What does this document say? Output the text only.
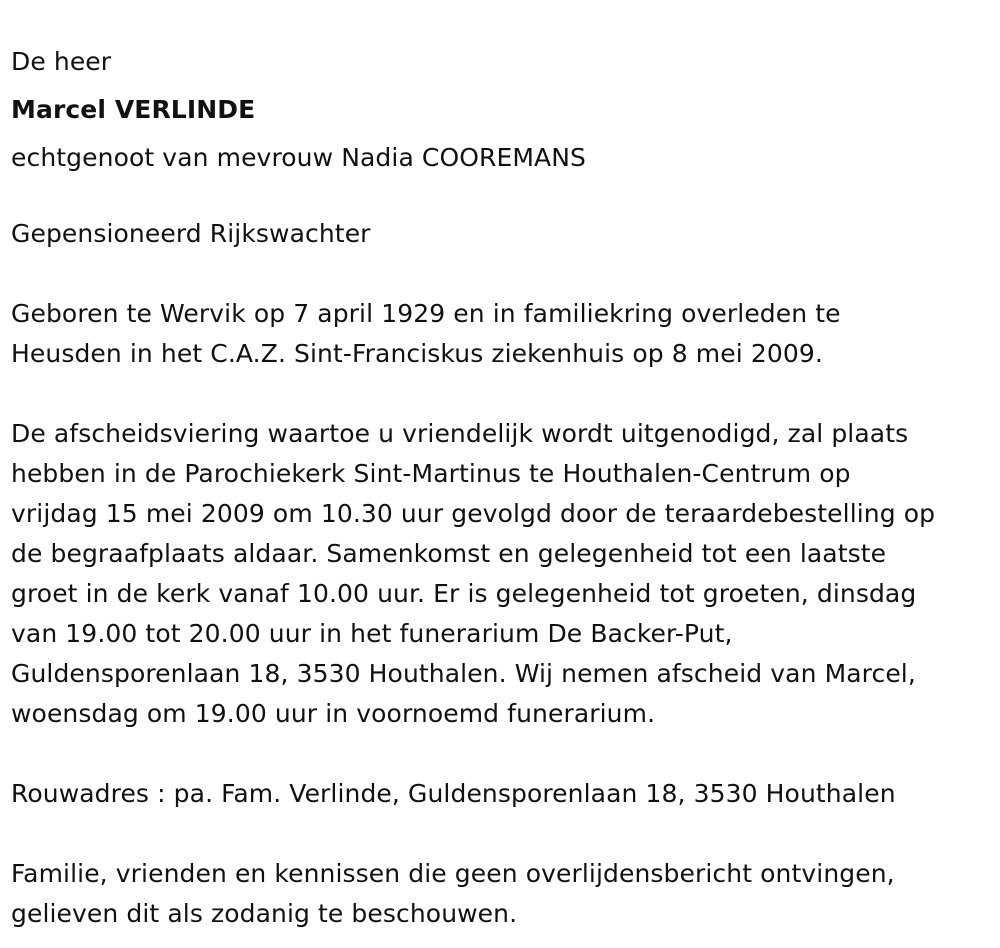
De heer
Marcel VERLINDE
echtgenoot van mevrouw Nadia COOREMANS
Gepensioneerd Rijkswachter
Geboren te Wervik op 7 april 1929 en in familiekring overleden te
Heusden in het C.A.Z. Sint-Franciskus ziekenhuis op 8 mei 2009.
De afscheidsviering waartoe u vriendelijk wordt uitgenodigd, zal plaats
hebben in de Parochiekerk Sint-Martinus te Houthalen-Centrum op
vrijdag 15 mei 2009 om 10.30 uur gevolgd door de teraardebestelling op
de begraafplaats aldaar. Samenkomst en gelegenheid tot een laatste
groet in de kerk vanaf 10.00 uur. Er is gelegenheid tot groeten, dinsdag
van 19.00 tot 20.00 uur in het funerarium De Backer-Put,
Guldensporenlaan 18, 3530 Houthalen. Wij nemen afscheid van Marcel,
woensdag om 19.00 uur in voornoemd funerarium.
Rouwadres : pa. Fam. Verlinde, Guldensporenlaan 18, 3530 Houthalen
Familie, vrienden en kennissen die geen overlijdensbericht ontvingen,
gelieven dit als zodanig te beschouwen.
